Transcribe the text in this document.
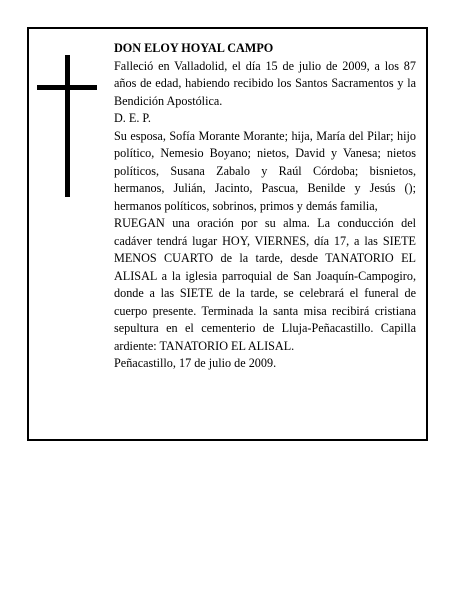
DON ELOY HOYAL CAMPO

Falleció en Valladolid, el día 15 de julio de 2009, a los 87 años de edad, habiendo recibido los Santos Sacramentos y la Bendición Apostólica.

D. E. P.

Su esposa, Sofía Morante Morante; hija, María del Pilar; hijo político, Nemesio Boyano; nietos, David y Vanesa; nietos políticos, Susana Zabalo y Raúl Córdoba; bisnietos, hermanos, Julián, Jacinto, Pascua, Benilde y Jesús (); hermanos políticos, sobrinos, primos y demás familia,

RUEGAN una oración por su alma. La conducción del cadáver tendrá lugar HOY, VIERNES, día 17, a las SIETE MENOS CUARTO de la tarde, desde TANATORIO EL ALISAL a la iglesia parroquial de San Joaquín-Campogiro, donde a las SIETE de la tarde, se celebrará el funeral de cuerpo presente. Terminada la santa misa recibirá cristiana sepultura en el cementerio de Lluja-Peñacastillo. Capilla ardiente: TANATORIO EL ALISAL.

Peñacastillo, 17 de julio de 2009.
